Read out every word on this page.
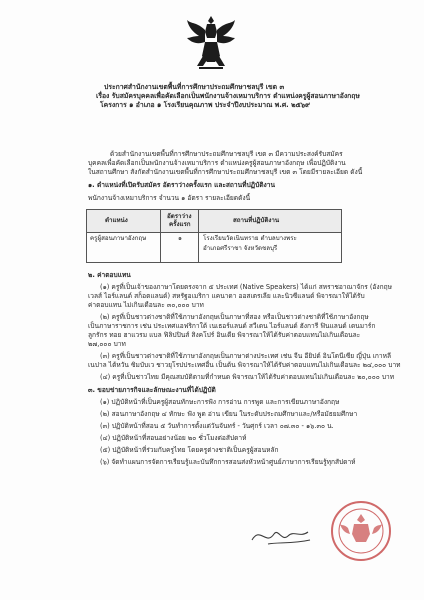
ประกาศสำนักงานเขตพื้นที่การศึกษาประถมศึกษาชลบุรี เขต ๓
เรื่อง รับสมัครบุคคลเพื่อคัดเลือกเป็นพนักงานจ้างเหมาบริการ ตำแหน่งครูผู้สอนภาษาอังกฤษ
โครงการ ๑ อำเภอ ๑ โรงเรียนคุณภาพ ประจำปีงบประมาณ พ.ศ. ๒๕๖๙
ด้วยสำนักงานเขตพื้นที่การศึกษาประถมศึกษาชลบุรี เขต ๓ มีความประสงค์รับสมัคร
บุคคลเพื่อคัดเลือกเป็นพนักงานจ้างเหมาบริการ ตำแหน่งครูผู้สอนภาษาอังกฤษ เพื่อปฏิบัติงาน
ในสถานศึกษา สังกัดสำนักงานเขตพื้นที่การศึกษาประถมศึกษาชลบุรี เขต ๓ โดยมีรายละเอียด ดังนี้
๑. ตำแหน่งที่เปิดรับสมัคร อัตราว่างครั้งแรก และสถานที่ปฏิบัติงาน
พนักงานจ้างเหมาบริการ จำนวน ๑ อัตรา รายละเอียดดังนี้
ตำแหน่ง
อัตราว่าง
ครั้งแรก
สถานที่ปฏิบัติงาน
ครูผู้สอนภาษาอังกฤษ	๑	โรงเรียนวัดเนินทราย ตำบลบางพระ
อำเภอศรีราชา จังหวัดชลบุรี
๒. ค่าตอบแทน
(๑) ครูที่เป็นเจ้าของภาษาโดยตรงจาก ๕ ประเทศ (Native Speakers) ได้แก่ สหราชอาณาจักร (อังกฤษ
เวลส์ ไอร์แลนด์ สก็อตแลนด์) สหรัฐอเมริกา แคนาดา ออสเตรเลีย และนิวซีแลนด์ พิจารณาให้ได้รับ
ค่าตอบแทน ไม่เกินเดือนละ ๓๐,๐๐๐ บาท
(๒) ครูที่เป็นชาวต่างชาติที่ใช้ภาษาอังกฤษเป็นภาษาที่สอง หรือเป็นชาวต่างชาติที่ใช้ภาษาอังกฤษ
เป็นภาษาราชการ เช่น ประเทศแอฟริกาใต้ เนเธอร์แลนด์ สวีเดน ไอร์แลนด์ ฮังการี ฟินแลนด์ เดนมาร์ก
ลูกรักร ทอย ฮาแวรม แบล ฟิลิปปินส์ สิงคโปร์ อินเดีย พิจารณาให้ได้รับค่าตอบแทนไม่เกินเดือนละ
๒๗,๐๐๐ บาท
(๓) ครูที่เป็นชาวต่างชาติที่ใช้ภาษาอังกฤษเป็นภาษาต่างประเทศ เช่น จีน อียิปต์ อินโดนีเซีย ญี่ปุ่น เกาหลี
เนปาล ไต้หวัน ซิมบับเว ชาวยุโรปประเทศอื่น เป็นต้น พิจารณาให้ได้รับค่าตอบแทนไม่เกินเดือนละ ๒๔,๐๐๐ บาท
(๔) ครูที่เป็นชาวไทย มีคุณสมบัติตามที่กำหนด พิจารณาให้ได้รับค่าตอบแทนไม่เกินเดือนละ ๒๐,๐๐๐ บาท
๓. ขอบข่ายภารกิจและลักษณะงานที่ได้ปฏิบัติ
(๑) ปฏิบัติหน้าที่เป็นครูผู้สอนทักษะการฟัง การอ่าน การพูด และการเขียนภาษาอังกฤษ
(๒) สอนภาษาอังกฤษ ๔ ทักษะ ฟัง พูด อ่าน เขียน ในระดับประถมศึกษาและ/หรือมัธยมศึกษา
(๓) ปฏิบัติหน้าที่สอน ๕ วันทำการตั้งแต่วันจันทร์ - วันศุกร์ เวลา ๐๗.๓๐ - ๑๖.๓๐ น.
(๔) ปฏิบัติหน้าที่สอนอย่างน้อย ๒๐ ชั่วโมงต่อสัปดาห์
(๕) ปฏิบัติหน้าที่ร่วมกับครูไทย โดยครูต่างชาติเป็นครูผู้สอนหลัก
(๖) จัดทำแผนการจัดการเรียนรู้และบันทึกการสอนส่งหัวหน้าศูนย์ภาษาการเรียนรู้ทุกสัปดาห์
